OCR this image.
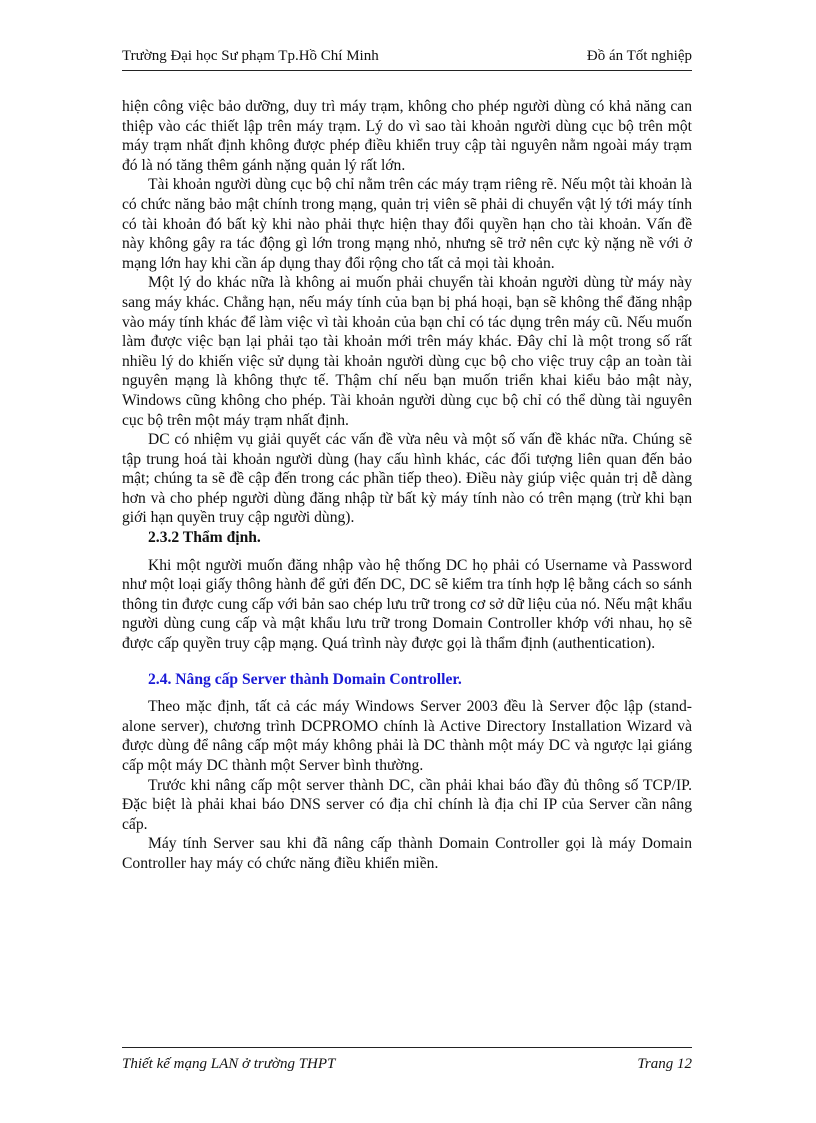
Trường Đại học Sư phạm Tp.Hồ Chí Minh	Đồ án Tốt nghiệp

hiện công việc bảo dưỡng, duy trì máy trạm, không cho phép người dùng có khả năng can thiệp vào các thiết lập trên máy trạm. Lý do vì sao tài khoản người dùng cục bộ trên một máy trạm nhất định không được phép điều khiển truy cập tài nguyên nằm ngoài máy trạm đó là nó tăng thêm gánh nặng quản lý rất lớn.

Tài khoản người dùng cục bộ chỉ nằm trên các máy trạm riêng rẽ. Nếu một tài khoản là có chức năng bảo mật chính trong mạng, quản trị viên sẽ phải di chuyển vật lý tới máy tính có tài khoản đó bất kỳ khi nào phải thực hiện thay đổi quyền hạn cho tài khoản. Vấn đề này không gây ra tác động gì lớn trong mạng nhỏ, nhưng sẽ trở nên cực kỳ nặng nề với ở mạng lớn hay khi cần áp dụng thay đổi rộng cho tất cả mọi tài khoản.

Một lý do khác nữa là không ai muốn phải chuyển tài khoản người dùng từ máy này sang máy khác. Chẳng hạn, nếu máy tính của bạn bị phá hoại, bạn sẽ không thể đăng nhập vào máy tính khác để làm việc vì tài khoản của bạn chỉ có tác dụng trên máy cũ. Nếu muốn làm được việc bạn lại phải tạo tài khoản mới trên máy khác. Đây chỉ là một trong số rất nhiều lý do khiến việc sử dụng tài khoản người dùng cục bộ cho việc truy cập an toàn tài nguyên mạng là không thực tế. Thậm chí nếu bạn muốn triển khai kiểu bảo mật này, Windows cũng không cho phép. Tài khoản người dùng cục bộ chỉ có thể dùng tài nguyên cục bộ trên một máy trạm nhất định.

DC có nhiệm vụ giải quyết các vấn đề vừa nêu và một số vấn đề khác nữa. Chúng sẽ tập trung hoá tài khoản người dùng (hay cấu hình khác, các đối tượng liên quan đến bảo mật; chúng ta sẽ đề cập đến trong các phần tiếp theo). Điều này giúp việc quản trị dễ dàng hơn và cho phép người dùng đăng nhập từ bất kỳ máy tính nào có trên mạng (trừ khi bạn giới hạn quyền truy cập người dùng).

2.3.2 Thẩm định.

Khi một người muốn đăng nhập vào hệ thống DC họ phải có Username và Password như một loại giấy thông hành để gửi đến DC, DC sẽ kiểm tra tính hợp lệ bằng cách so sánh thông tin được cung cấp với bản sao chép lưu trữ trong cơ sở dữ liệu của nó. Nếu mật khẩu người dùng cung cấp và mật khẩu lưu trữ trong Domain Controller khớp với nhau, họ sẽ được cấp quyền truy cập mạng. Quá trình này được gọi là thẩm định (authentication).

2.4. Nâng cấp Server thành Domain Controller.

Theo mặc định, tất cả các máy Windows Server 2003 đều là Server độc lập (stand-alone server), chương trình DCPROMO chính là Active Directory Installation Wizard và được dùng để nâng cấp một máy không phải là DC thành một máy DC và ngược lại giáng cấp một máy DC thành một Server bình thường.

Trước khi nâng cấp một server thành DC, cần phải khai báo đầy đủ thông số TCP/IP. Đặc biệt là phải khai báo DNS server có địa chỉ chính là địa chỉ IP của Server cần nâng cấp.

Máy tính Server sau khi đã nâng cấp thành Domain Controller gọi là máy Domain Controller hay máy có chức năng điều khiển miền.

Thiết kế mạng LAN ở trường THPT	Trang 12
